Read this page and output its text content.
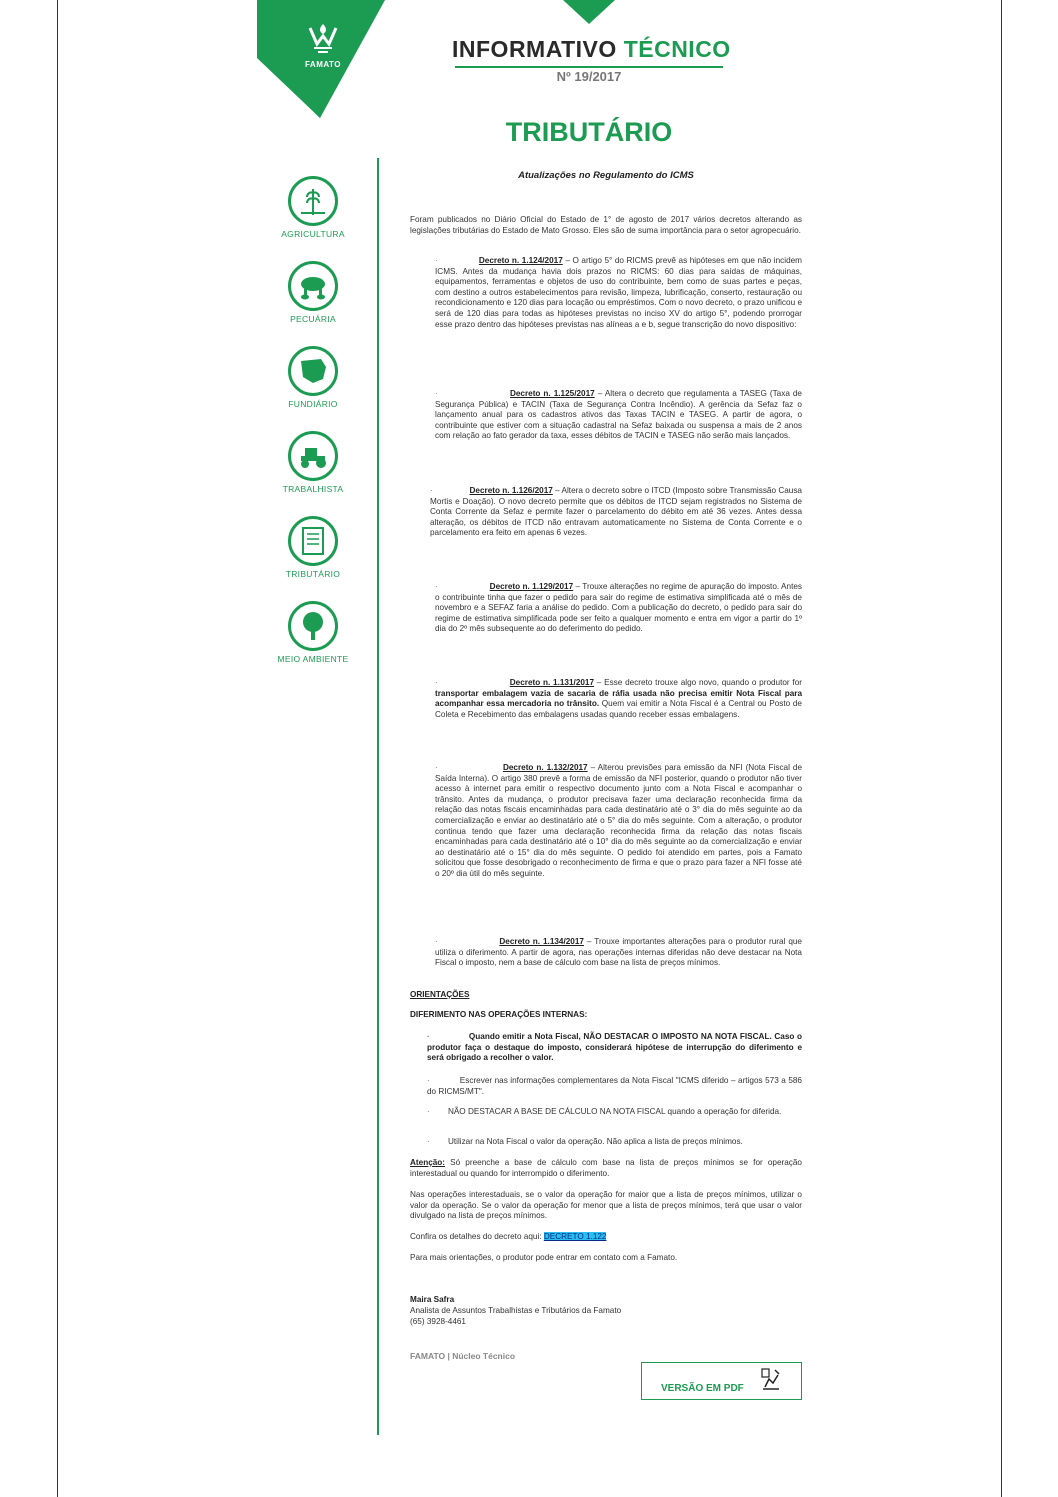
FAMATO
INFORMATIVO TÉCNICO
Nº 19/2017
TRIBUTÁRIO
AGRICULTURA
PECUÁRIA
FUNDIÁRIO
TRABALHISTA
TRIBUTÁRIO
MEIO AMBIENTE
Atualizações no Regulamento do ICMS
Foram publicados no Diário Oficial do Estado de 1° de agosto de 2017 vários decretos alterando as legislações tributárias do Estado de Mato Grosso. Eles são de suma importância para o setor agropecuário.
·	Decreto n. 1.124/2017 – O artigo 5° do RICMS prevê as hipóteses em que não incidem ICMS. Antes da mudança havia dois prazos no RICMS: 60 dias para saídas de máquinas, equipamentos, ferramentas e objetos de uso do contribuinte, bem como de suas partes e peças, com destino a outros estabelecimentos para revisão, limpeza, lubrificação, conserto, restauração ou recondicionamento e 120 dias para locação ou empréstimos. Com o novo decreto, o prazo unificou e será de 120 dias para todas as hipóteses previstas no inciso XV do artigo 5°, podendo prorrogar esse prazo dentro das hipóteses previstas nas alíneas a e b, segue transcrição do novo dispositivo:
·	Decreto n. 1.125/2017 – Altera o decreto que regulamenta a TASEG (Taxa de Segurança Pública) e TACIN (Taxa de Segurança Contra Incêndio). A gerência da Sefaz faz o lançamento anual para os cadastros ativos das Taxas TACIN e TASEG. A partir de agora, o contribuinte que estiver com a situação cadastral na Sefaz baixada ou suspensa a mais de 2 anos com relação ao fato gerador da taxa, esses débitos de TACIN e TASEG não serão mais lançados.
·	Decreto n. 1.126/2017 – Altera o decreto sobre o ITCD (Imposto sobre Transmissão Causa Mortis e Doação). O novo decreto permite que os débitos de ITCD sejam registrados no Sistema de Conta Corrente da Sefaz e permite fazer o parcelamento do débito em até 36 vezes. Antes dessa alteração, os débitos de ITCD não entravam automaticamente no Sistema de Conta Corrente e o parcelamento era feito em apenas 6 vezes.
·	Decreto n. 1.129/2017 – Trouxe alterações no regime de apuração do imposto. Antes o contribuinte tinha que fazer o pedido para sair do regime de estimativa simplificada até o mês de novembro e a SEFAZ faria a análise do pedido. Com a publicação do decreto, o pedido para sair do regime de estimativa simplificada pode ser feito a qualquer momento e entra em vigor a partir do 1º dia do 2º mês subsequente ao do deferimento do pedido.
·	Decreto n. 1.131/2017 – Esse decreto trouxe algo novo, quando o produtor for transportar embalagem vazia de sacaria de ráfia usada não precisa emitir Nota Fiscal para acompanhar essa mercadoria no trânsito. Quem vai emitir a Nota Fiscal é a Central ou Posto de Coleta e Recebimento das embalagens usadas quando receber essas embalagens.
·	Decreto n. 1.132/2017 – Alterou previsões para emissão da NFI (Nota Fiscal de Saída Interna). O artigo 380 prevê a forma de emissão da NFI posterior, quando o produtor não tiver acesso à internet para emitir o respectivo documento junto com a Nota Fiscal e acompanhar o trânsito. Antes da mudança, o produtor precisava fazer uma declaração reconhecida firma da relação das notas fiscais encaminhadas para cada destinatário até o 3° dia do mês seguinte ao da comercialização e enviar ao destinatário até o 5° dia do mês seguinte. Com a alteração, o produtor continua tendo que fazer uma declaração reconhecida firma da relação das notas fiscais encaminhadas para cada destinatário até o 10° dia do mês seguinte ao da comercialização e enviar ao destinatário até o 15° dia do mês seguinte. O pedido foi atendido em partes, pois a Famato solicitou que fosse desobrigado o reconhecimento de firma e que o prazo para fazer a NFI fosse até o 20º dia útil do mês seguinte.
·	Decreto n. 1.134/2017 – Trouxe importantes alterações para o produtor rural que utiliza o diferimento. A partir de agora, nas operações internas diferidas não deve destacar na Nota Fiscal o imposto, nem a base de cálculo com base na lista de preços mínimos.
ORIENTAÇÕES
DIFERIMENTO NAS OPERAÇÕES INTERNAS:
·	Quando emitir a Nota Fiscal, NÃO DESTACAR O IMPOSTO NA NOTA FISCAL. Caso o produtor faça o destaque do imposto, considerará hipótese de interrupção do diferimento e será obrigado a recolher o valor.
·	Escrever nas informações complementares da Nota Fiscal "ICMS diferido – artigos 573 a 586 do RICMS/MT".
· NÃO DESTACAR A BASE DE CÁLCULO NA NOTA FISCAL quando a operação for diferida.
· Utilizar na Nota Fiscal o valor da operação. Não aplica a lista de preços mínimos.
Atenção: Só preenche a base de cálculo com base na lista de preços mínimos se for operação interestadual ou quando for interrompido o diferimento.
Nas operações interestaduais, se o valor da operação for maior que a lista de preços mínimos, utilizar o valor da operação. Se o valor da operação for menor que a lista de preços mínimos, terá que usar o valor divulgado na lista de preços mínimos.
Confira os detalhes do decreto aqui: DECRETO 1.122
Para mais orientações, o produtor pode entrar em contato com a Famato.
Maira Safra
Analista de Assuntos Trabalhistas e Tributários da Famato
(65) 3928-4461
FAMATO | Núcleo Técnico
VERSÃO EM PDF
